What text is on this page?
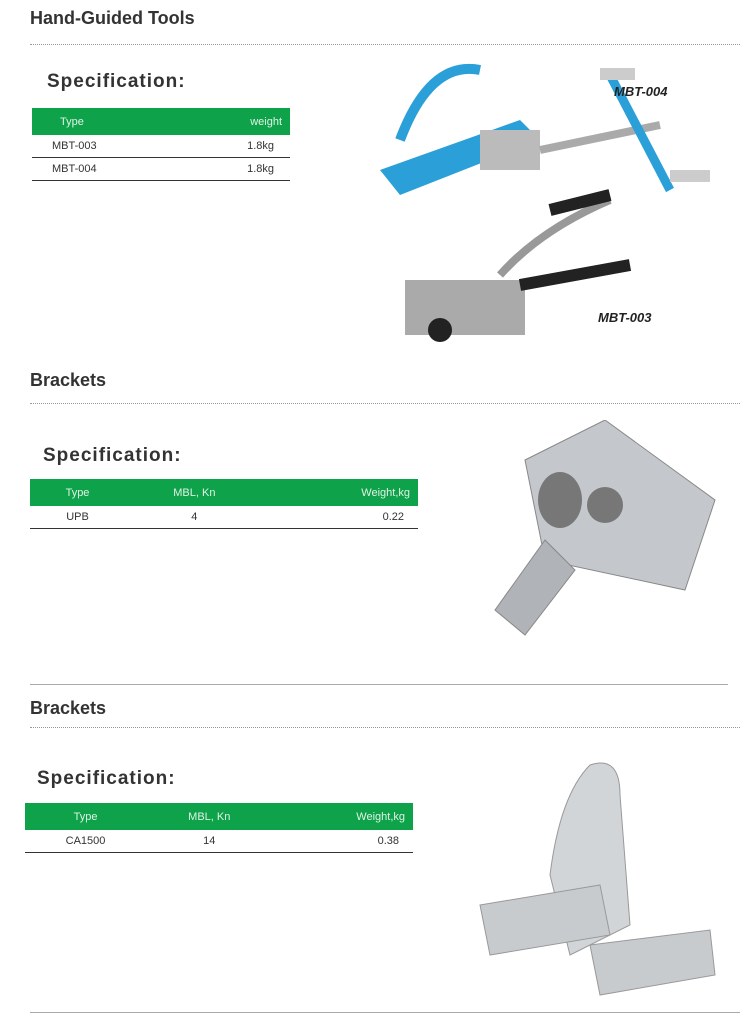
Hand-Guided Tools
Specification:
Type	weight
MBT-003	1.8kg
MBT-004	1.8kg
MBT-004
MBT-003
Brackets
Specification:
Type	MBL, Kn	Weight,kg
UPB	4	0.22
Brackets
Specification:
Type	MBL, Kn	Weight,kg
CA1500	14	0.38
